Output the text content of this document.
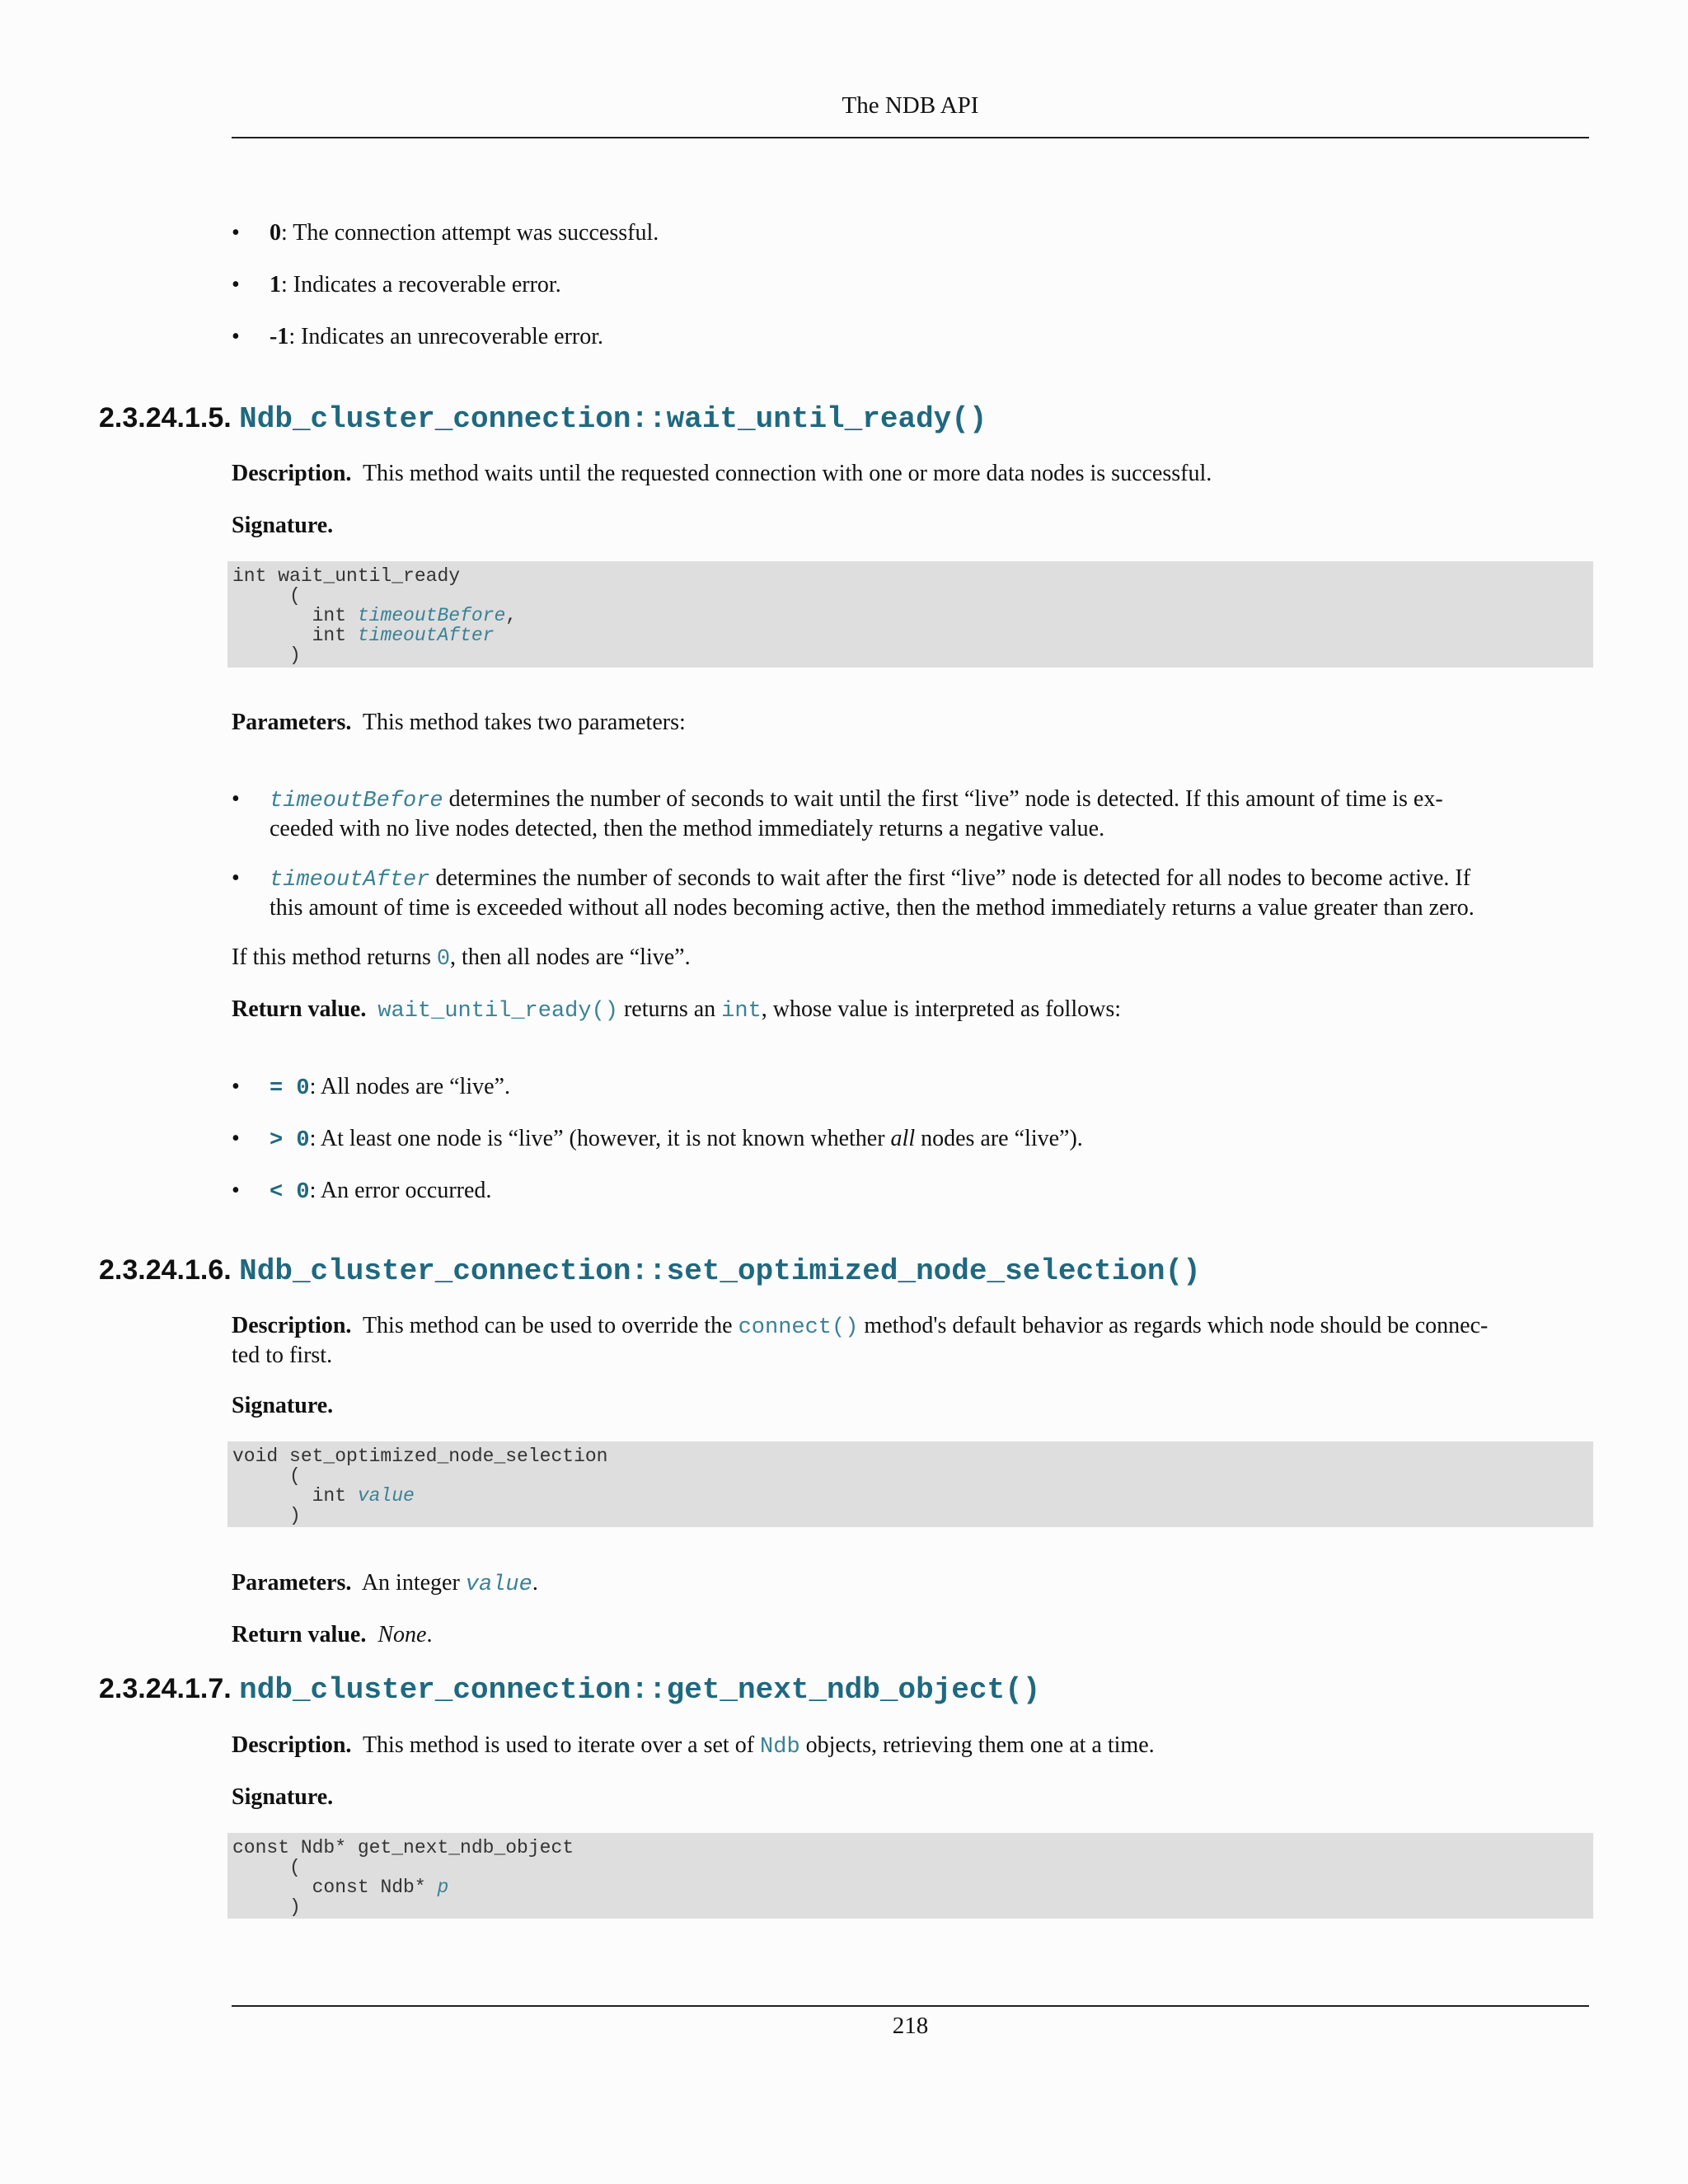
The NDB API
• 0: The connection attempt was successful.
• 1: Indicates a recoverable error.
• -1: Indicates an unrecoverable error.
2.3.24.1.5. Ndb_cluster_connection::wait_until_ready()

Description. This method waits until the requested connection with one or more data nodes is successful.

Signature.

int wait_until_ready
(
int timeoutBefore,
int timeoutAfter
)

Parameters. This method takes two parameters:

• timeoutBefore determines the number of seconds to wait until the first “live” node is detected. If this amount of time is ex-
ceeded with no live nodes detected, then the method immediately returns a negative value.
• timeoutAfter determines the number of seconds to wait after the first “live” node is detected for all nodes to become active. If
this amount of time is exceeded without all nodes becoming active, then the method immediately returns a value greater than zero.

If this method returns 0, then all nodes are “live”.

Return value. wait_until_ready() returns an int, whose value is interpreted as follows:

• = 0: All nodes are “live”.
• > 0: At least one node is “live” (however, it is not known whether all nodes are “live”).
• < 0: An error occurred.
2.3.24.1.6. Ndb_cluster_connection::set_optimized_node_selection()

Description. This method can be used to override the connect() method's default behavior as regards which node should be connec-
ted to first.

Signature.

void set_optimized_node_selection
(
int value
)

Parameters. An integer value.

Return value. None.

2.3.24.1.7. ndb_cluster_connection::get_next_ndb_object()

Description. This method is used to iterate over a set of Ndb objects, retrieving them one at a time.

Signature.

const Ndb* get_next_ndb_object
(
const Ndb* p
)
218
